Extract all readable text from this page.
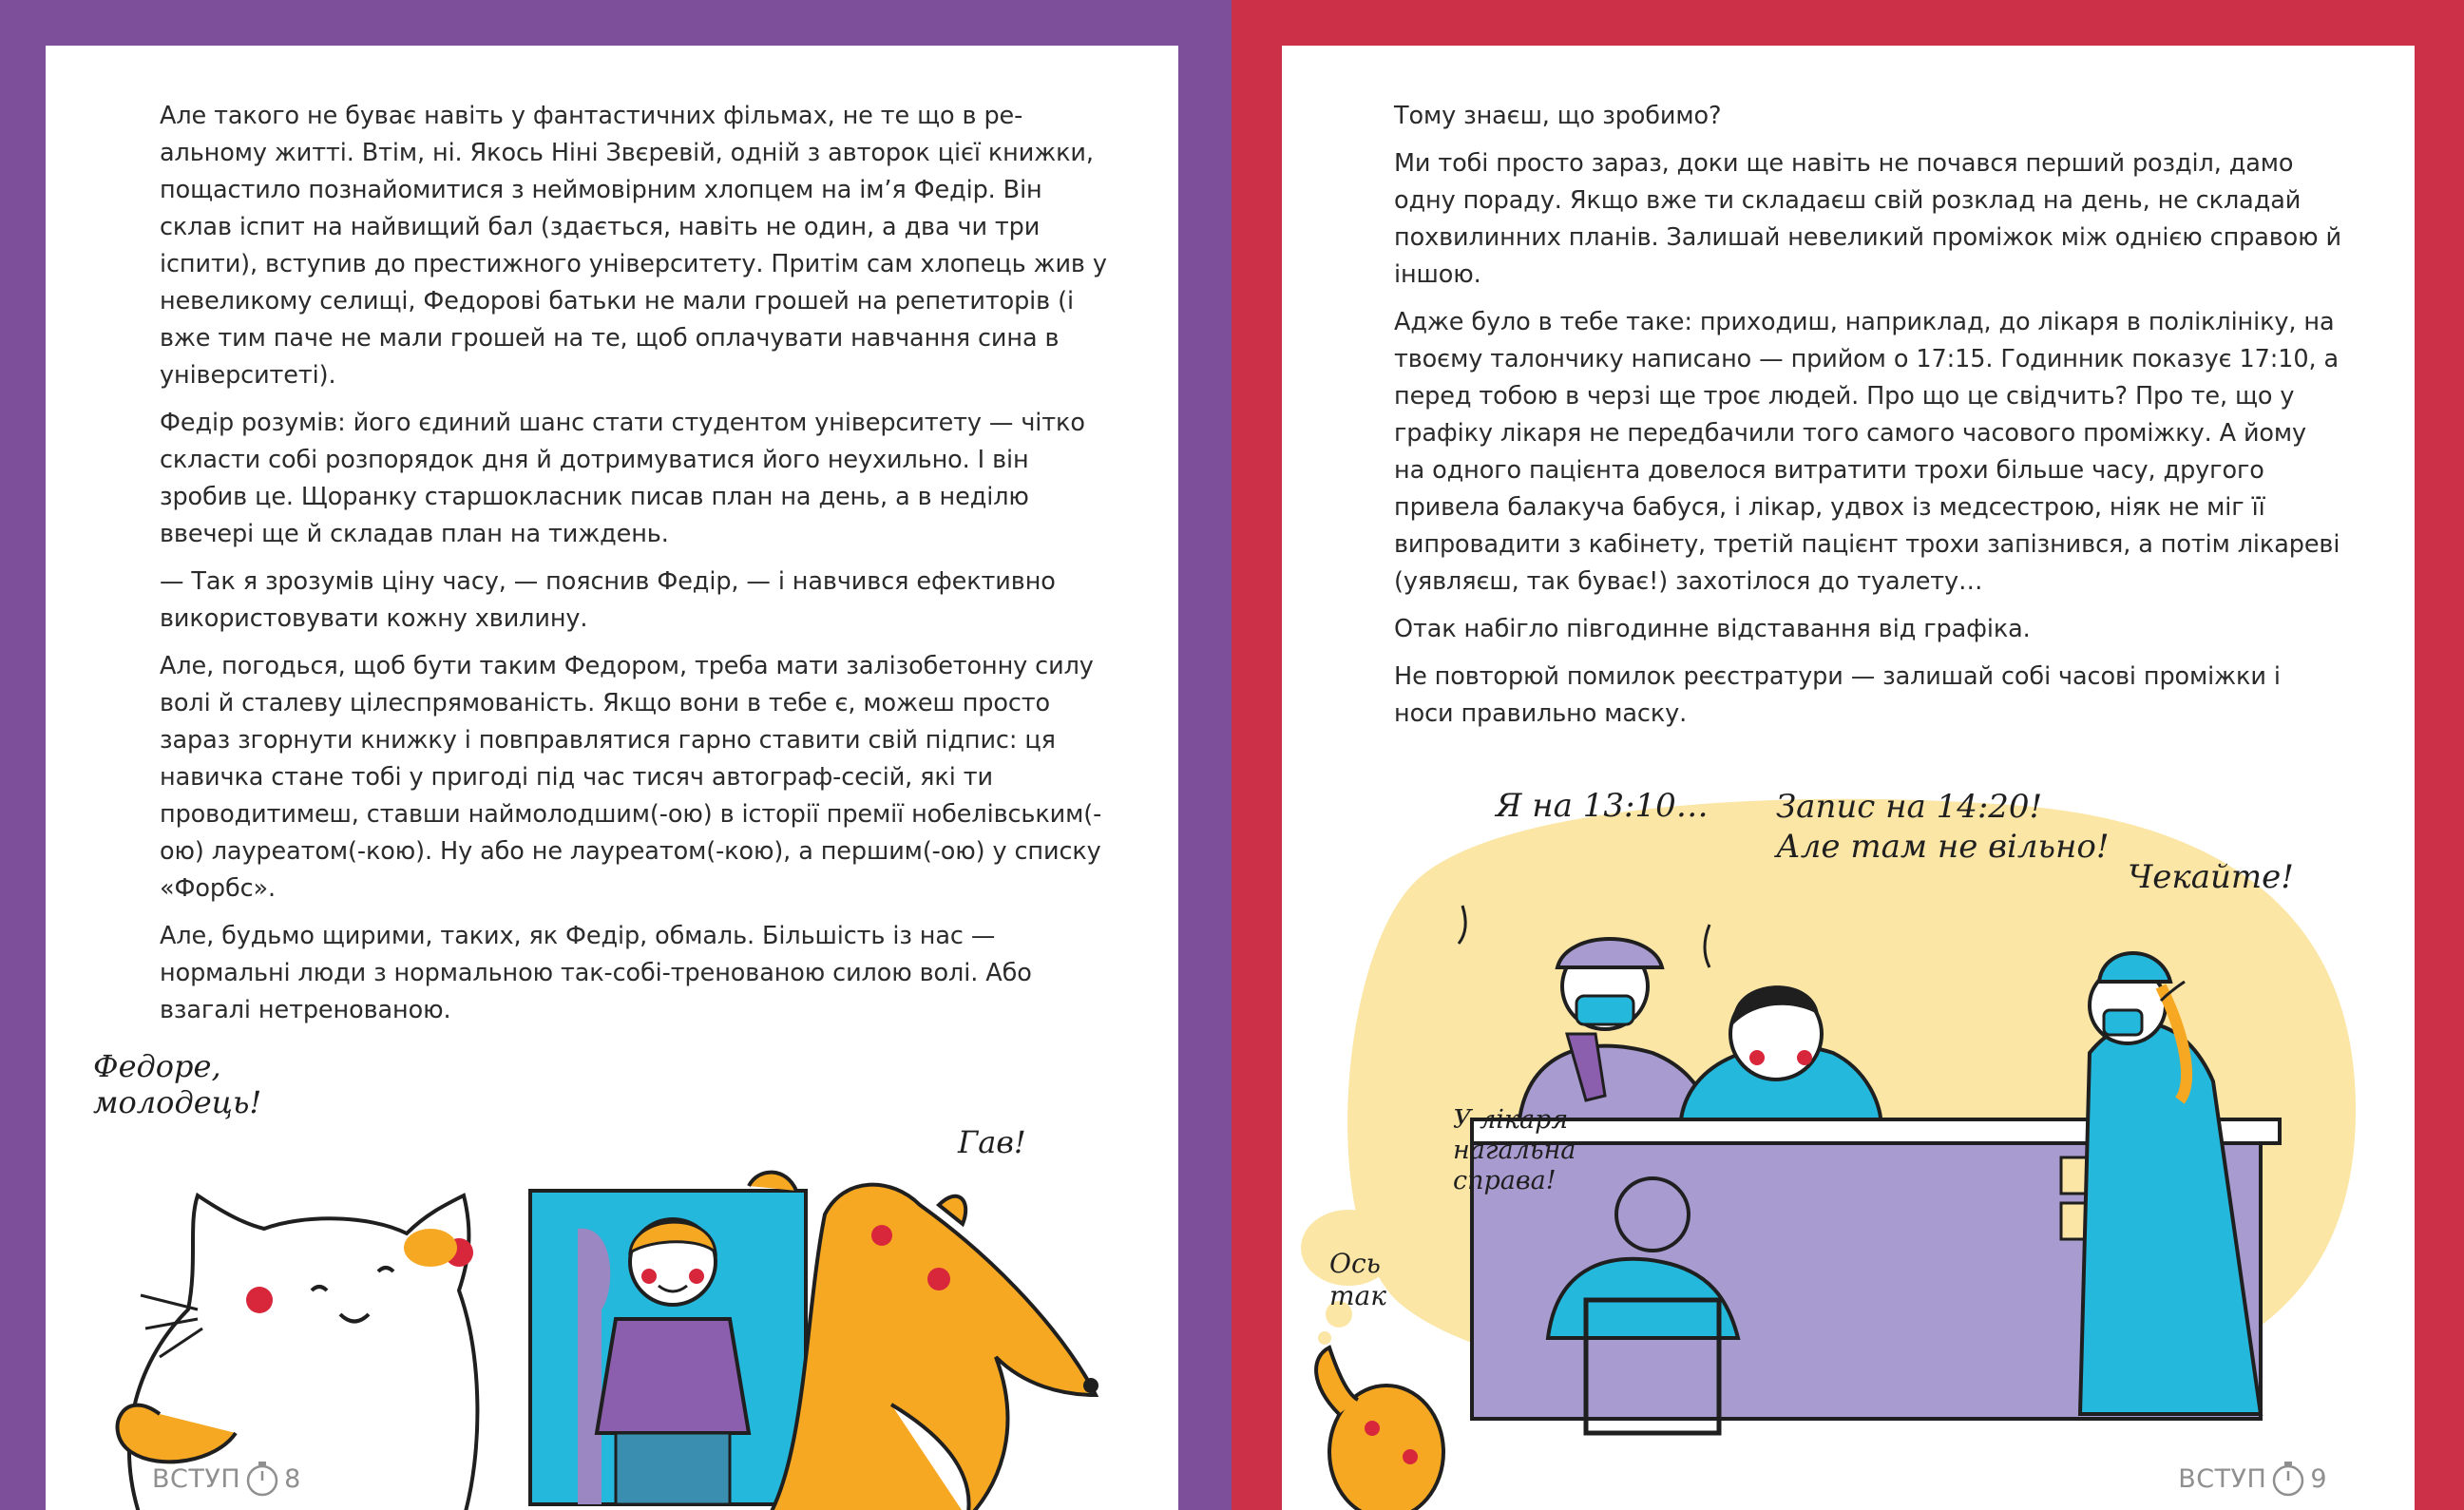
Але такого не буває навіть у фантастичних фільмах, не те що в реальному житті. Втім, ні. Якось Ніні Звєревій, одній з авторок цієї книжки, пощастило познайомитися з неймовірним хлопцем на ім’я Федір. Він склав іспит на найвищий бал (здається, навіть не один, а два чи три іспити), вступив до престижного університету. Притім сам хлопець жив у невеликому селищі, Федорові батьки не мали грошей на репетиторів (і вже тим паче не мали грошей на те, щоб оплачувати навчання сина в університеті).

Федір розумів: його єдиний шанс стати студентом університету — чітко скласти собі розпорядок дня й дотримуватися його неухильно. І він зробив це. Щоранку старшокласник писав план на день, а в неділю ввечері ще й складав план на тиждень.

— Так я зрозумів ціну часу, — пояснив Федір, — і навчився ефективно використовувати кожну хвилину.

Але, погодься, щоб бути таким Федором, треба мати залізобетонну силу волі й сталеву цілеспрямованість. Якщо вони в тебе є, можеш просто зараз згорнути книжку і повправлятися гарно ставити свій підпис: ця навичка стане тобі у пригоді під час тисяч автограф-сесій, які ти проводитимеш, ставши наймолодшим(-ою) в історії премії нобелівським(-ою) лауреатом(-кою). Ну або не лауреатом(-кою), а першим(-ою) у списку «Форбс».

Але, будьмо щирими, таких, як Федір, обмаль. Більшість із нас — нормальні люди з нормальною так-собі-тренованою силою волі. Або взагалі нетренованою.

Федоре,
молодець!
Гав!
ВСТУП 8

Тому знаєш, що зробимо?

Ми тобі просто зараз, доки ще навіть не почався перший розділ, дамо одну пораду. Якщо вже ти складаєш свій розклад на день, не складай похвилинних планів. Залишай невеликий проміжок між однією справою й іншою.

Адже було в тебе таке: приходиш, наприклад, до лікаря в поліклініку, на твоєму талончику написано — прийом о 17:15. Годинник показує 17:10, а перед тобою в черзі ще троє людей. Про що це свідчить? Про те, що у графіку лікаря не передбачили того самого часового проміжку. А йому на одного пацієнта довелося витратити трохи більше часу, другого привела балакуча бабуся, і лікар, удвох із медсестрою, ніяк не міг її випровадити з кабінету, третій пацієнт трохи запізнився, а потім лікареві (уявляєш, так буває!) захотілося до туалету…

Отак набігло півгодинне відставання від графіка.

Не повторюй помилок реєстратури — залишай собі часові проміжки і носи правильно маску.

Я на 13:10… Запис на 14:20!
Але там не вільно!
Чекайте!
У лікаря
нагальна
справа!
Ось
так
ВСТУП 9
